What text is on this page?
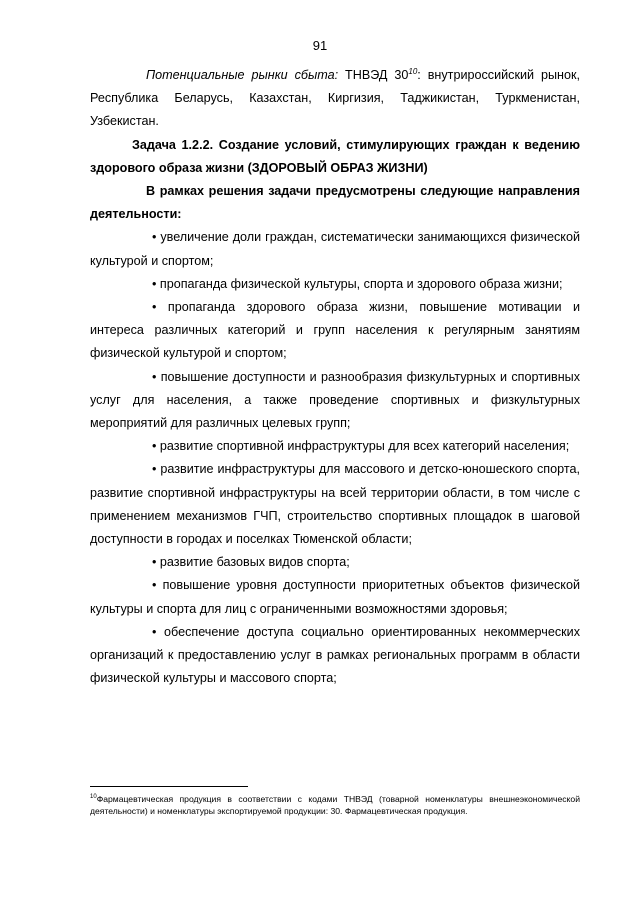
91

Потенциальные рынки сбыта: ТНВЭД $30^{10}$: внутрироссийский рынок, Республика Беларусь, Казахстан, Киргизия, Таджикистан, Туркменистан, Узбекистан.

Задача 1.2.2. Создание условий, стимулирующих граждан к ведению здорового образа жизни (ЗДОРОВЫЙ ОБРАЗ ЖИЗНИ)

В рамках решения задачи предусмотрены следующие направления деятельности:

• увеличение доли граждан, систематически занимающихся физической культурой и спортом;

• пропаганда физической культуры, спорта и здорового образа жизни;

• пропаганда здорового образа жизни, повышение мотивации и интереса различных категорий и групп населения к регулярным занятиям физической культурой и спортом;

• повышение доступности и разнообразия физкультурных и спортивных услуг для населения, а также проведение спортивных и физкультурных мероприятий для различных целевых групп;

• развитие спортивной инфраструктуры для всех категорий населения;

• развитие инфраструктуры для массового и детско-юношеского спорта, развитие спортивной инфраструктуры на всей территории области, в том числе с применением механизмов ГЧП, строительство спортивных площадок в шаговой доступности в городах и поселках Тюменской области;

• развитие базовых видов спорта;

• повышение уровня доступности приоритетных объектов физической культуры и спорта для лиц с ограниченными возможностями здоровья;

• обеспечение доступа социально ориентированных некоммерческих организаций к предоставлению услуг в рамках региональных программ в области физической культуры и массового спорта;

$^{10}$Фармацевтическая продукция в соответствии с кодами ТНВЭД (товарной номенклатуры внешнеэкономической деятельности) и номенклатуры экспортируемой продукции: 30. Фармацевтическая продукция.
